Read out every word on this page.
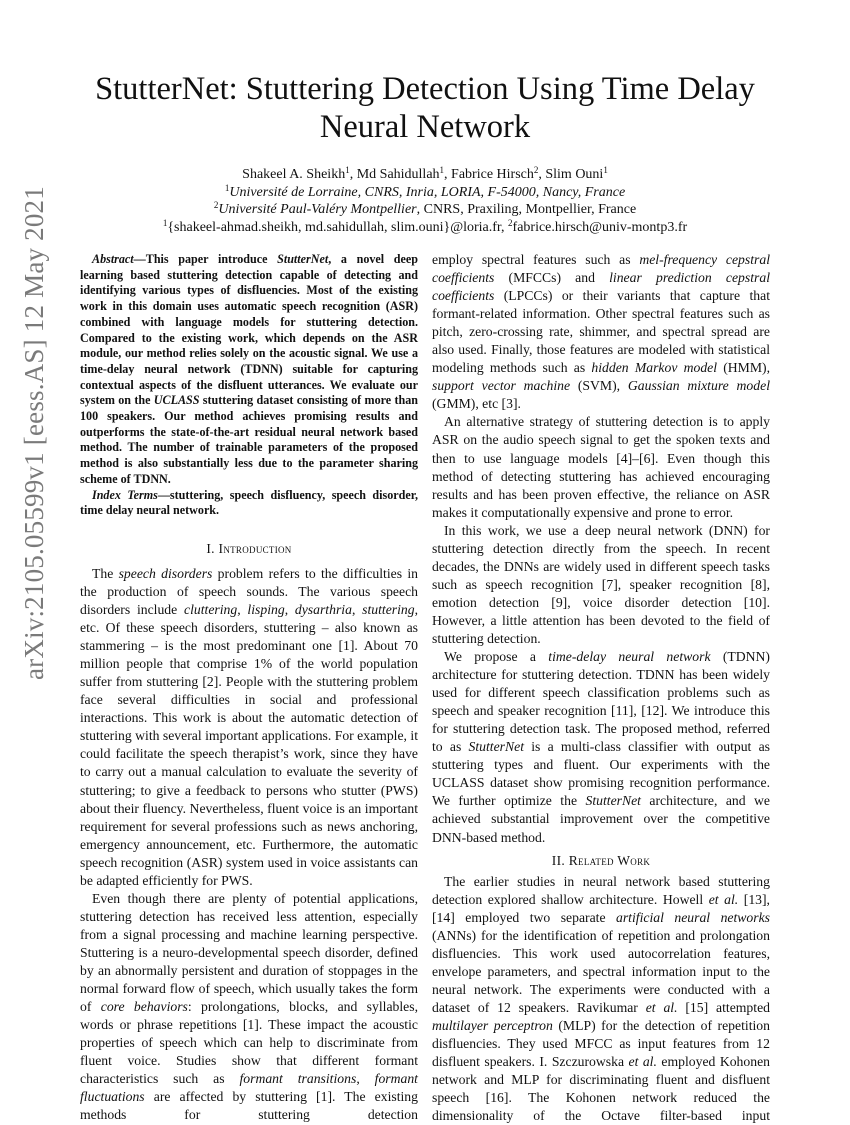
arXiv:2105.05599v1 [eess.AS] 12 May 2021
StutterNet: Stuttering Detection Using Time Delay
Neural Network
Shakeel A. Sheikh$^1$, Md Sahidullah$^1$, Fabrice Hirsch$^2$, Slim Ouni$^1$
$^1$Université de Lorraine, CNRS, Inria, LORIA, F-54000, Nancy, France
$^2$Université Paul-Valéry Montpellier, CNRS, Praxiling, Montpellier, France
$^1${shakeel-ahmad.sheikh, md.sahidullah, slim.ouni}@loria.fr, $^2$fabrice.hirsch@univ-montp3.fr

Abstract—This paper introduce StutterNet, a novel deep learning based stuttering detection capable of detecting and identifying various types of disfluencies. Most of the existing work in this domain uses automatic speech recognition (ASR) combined with language models for stuttering detection. Compared to the existing work, which depends on the ASR module, our method relies solely on the acoustic signal. We use a time-delay neural network (TDNN) suitable for capturing contextual aspects of the disfluent utterances. We evaluate our system on the UCLASS stuttering dataset consisting of more than 100 speakers. Our method achieves promising results and outperforms the state-of-the-art residual neural network based method. The number of trainable parameters of the proposed method is also substantially less due to the parameter sharing scheme of TDNN.

Index Terms—stuttering, speech disfluency, speech disorder, time delay neural network.

I. Introduction

The speech disorders problem refers to the difficulties in the production of speech sounds. The various speech disorders include cluttering, lisping, dysarthria, stuttering, etc. Of these speech disorders, stuttering – also known as stammering – is the most predominant one [1]. About 70 million people that comprise 1% of the world population suffer from stuttering [2]. People with the stuttering problem face several difficulties in social and professional interactions. This work is about the automatic detection of stuttering with several important applications. For example, it could facilitate the speech therapist’s work, since they have to carry out a manual calculation to evaluate the severity of stuttering; to give a feedback to persons who stutter (PWS) about their fluency. Nevertheless, fluent voice is an important requirement for several professions such as news anchoring, emergency announcement, etc. Furthermore, the automatic speech recognition (ASR) system used in voice assistants can be adapted efficiently for PWS.

Even though there are plenty of potential applications, stuttering detection has received less attention, especially from a signal processing and machine learning perspective. Stuttering is a neuro-developmental speech disorder, defined by an abnormally persistent and duration of stoppages in the normal forward flow of speech, which usually takes the form of core behaviors: prolongations, blocks, and syllables, words or phrase repetitions [1]. These impact the acoustic properties of speech which can help to discriminate from fluent voice. Studies show that different formant characteristics such as formant transitions, formant fluctuations are affected by stuttering [1]. The existing methods for stuttering detection

employ spectral features such as mel-frequency cepstral coefficients (MFCCs) and linear prediction cepstral coefficients (LPCCs) or their variants that capture that formant-related information. Other spectral features such as pitch, zero-crossing rate, shimmer, and spectral spread are also used. Finally, those features are modeled with statistical modeling methods such as hidden Markov model (HMM), support vector machine (SVM), Gaussian mixture model (GMM), etc [3].

An alternative strategy of stuttering detection is to apply ASR on the audio speech signal to get the spoken texts and then to use language models [4]–[6]. Even though this method of detecting stuttering has achieved encouraging results and has been proven effective, the reliance on ASR makes it computationally expensive and prone to error.

In this work, we use a deep neural network (DNN) for stuttering detection directly from the speech. In recent decades, the DNNs are widely used in different speech tasks such as speech recognition [7], speaker recognition [8], emotion detection [9], voice disorder detection [10]. However, a little attention has been devoted to the field of stuttering detection.

We propose a time-delay neural network (TDNN) architecture for stuttering detection. TDNN has been widely used for different speech classification problems such as speech and speaker recognition [11], [12]. We introduce this for stuttering detection task. The proposed method, referred to as StutterNet is a multi-class classifier with output as stuttering types and fluent. Our experiments with the UCLASS dataset show promising recognition performance. We further optimize the StutterNet architecture, and we achieved substantial improvement over the competitive DNN-based method.

II. Related Work

The earlier studies in neural network based stuttering detection explored shallow architecture. Howell et al. [13], [14] employed two separate artificial neural networks (ANNs) for the identification of repetition and prolongation disfluencies. This work used autocorrelation features, envelope parameters, and spectral information input to the neural network. The experiments were conducted with a dataset of 12 speakers. Ravikumar et al. [15] attempted multilayer perceptron (MLP) for the detection of repetition disfluencies. They used MFCC as input features from 12 disfluent speakers. I. Szczurowska et al. employed Kohonen network and MLP for discriminating fluent and disfluent speech [16]. The Kohonen network reduced the dimensionality of the Octave filter-based input
